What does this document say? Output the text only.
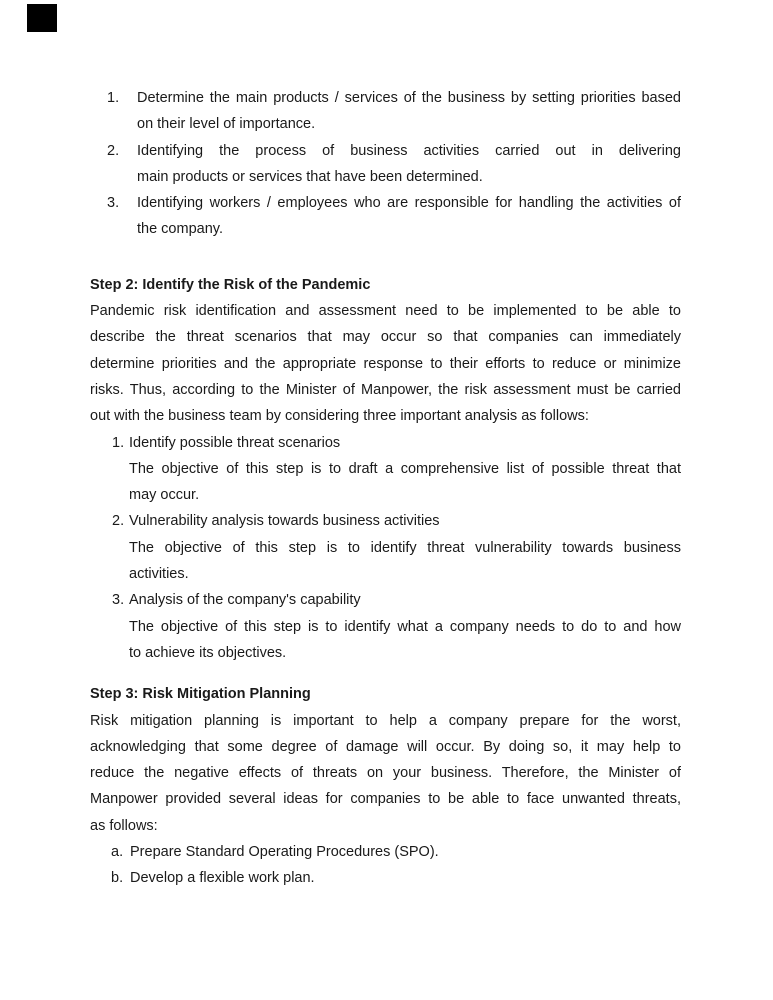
1. Determine the main products / services of the business by setting priorities based
on their level of importance.
2. Identifying the process of business activities carried out in delivering
main products or services that have been determined.
3. Identifying workers / employees who are responsible for handling the activities of
the company.
Step 2: Identify the Risk of the Pandemic
Pandemic risk identification and assessment need to be implemented to be able to
describe the threat scenarios that may occur so that companies can immediately
determine priorities and the appropriate response to their efforts to reduce or minimize
risks. Thus, according to the Minister of Manpower, the risk assessment must be carried
out with the business team by considering three important analysis as follows:
1. Identify possible threat scenarios
The objective of this step is to draft a comprehensive list of possible threat that
may occur.
2. Vulnerability analysis towards business activities
The objective of this step is to identify threat vulnerability towards business
activities.
3. Analysis of the company's capability
The objective of this step is to identify what a company needs to do to and how
to achieve its objectives.
Step 3: Risk Mitigation Planning
Risk mitigation planning is important to help a company prepare for the worst,
acknowledging that some degree of damage will occur. By doing so, it may help to
reduce the negative effects of threats on your business. Therefore, the Minister of
Manpower provided several ideas for companies to be able to face unwanted threats,
as follows:
a. Prepare Standard Operating Procedures (SPO).
b. Develop a flexible work plan.
